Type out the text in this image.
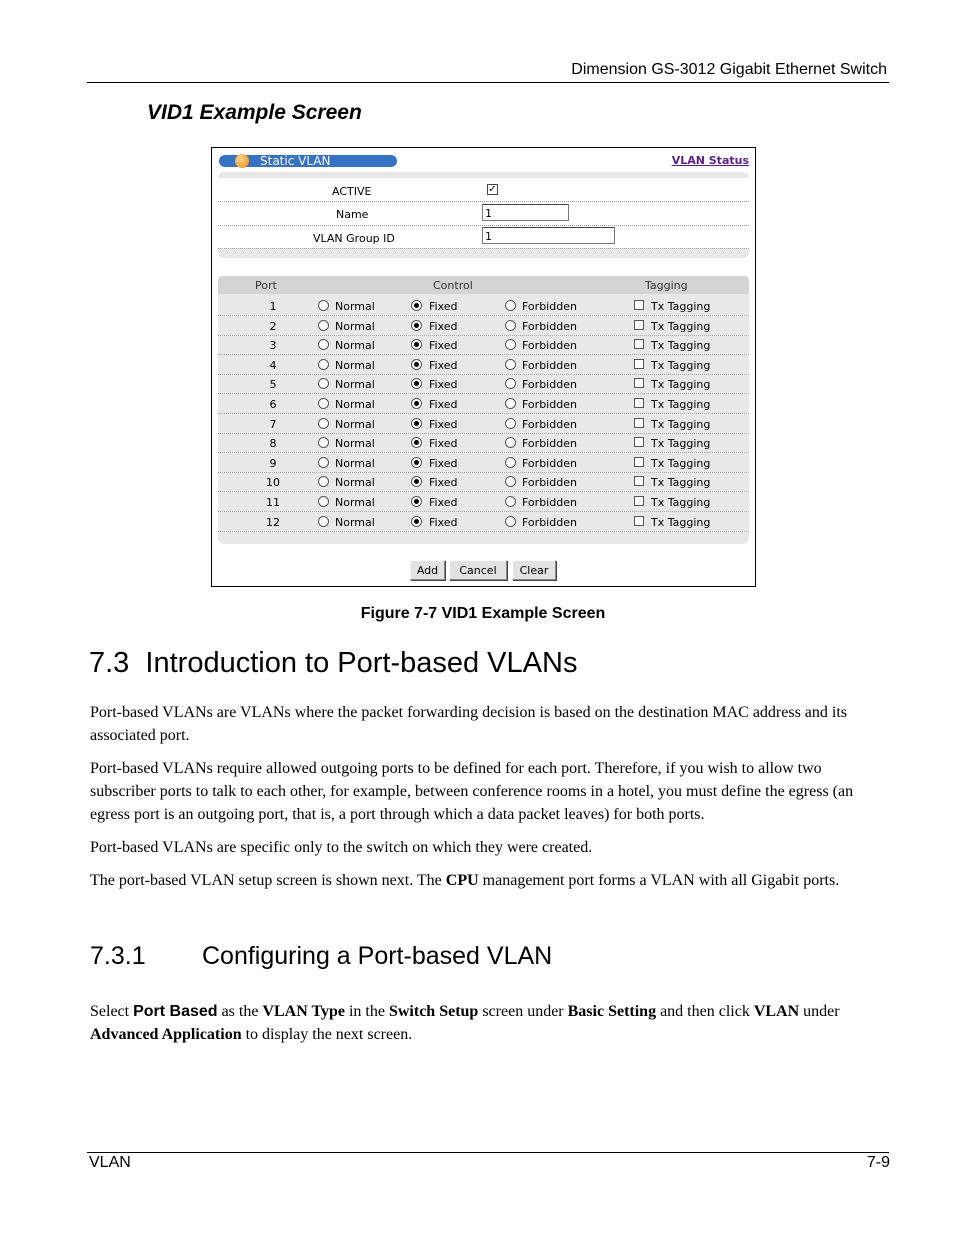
Dimension GS-3012 Gigabit Ethernet Switch
VID1 Example Screen
Static VLAN	VLAN Status
ACTIVE	✓
Name	1
VLAN Group ID	1
Port	Control	Tagging
1	Normal	Fixed	Forbidden	Tx Tagging
2	Normal	Fixed	Forbidden	Tx Tagging
3	Normal	Fixed	Forbidden	Tx Tagging
4	Normal	Fixed	Forbidden	Tx Tagging
5	Normal	Fixed	Forbidden	Tx Tagging
6	Normal	Fixed	Forbidden	Tx Tagging
7	Normal	Fixed	Forbidden	Tx Tagging
8	Normal	Fixed	Forbidden	Tx Tagging
9	Normal	Fixed	Forbidden	Tx Tagging
10	Normal	Fixed	Forbidden	Tx Tagging
11	Normal	Fixed	Forbidden	Tx Tagging
12	Normal	Fixed	Forbidden	Tx Tagging
Add	Cancel	Clear
Figure 7-7 VID1 Example Screen
7.3  Introduction to Port-based VLANs

Port-based VLANs are VLANs where the packet forwarding decision is based on the destination MAC address and its associated port.

Port-based VLANs require allowed outgoing ports to be defined for each port. Therefore, if you wish to allow two subscriber ports to talk to each other, for example, between conference rooms in a hotel, you must define the egress (an egress port is an outgoing port, that is, a port through which a data packet leaves) for both ports.

Port-based VLANs are specific only to the switch on which they were created.

The port-based VLAN setup screen is shown next. The CPU management port forms a VLAN with all Gigabit ports.

7.3.1 Configuring a Port-based VLAN

Select Port Based as the VLAN Type in the Switch Setup screen under Basic Setting and then click VLAN under Advanced Application to display the next screen.

VLAN	7-9
